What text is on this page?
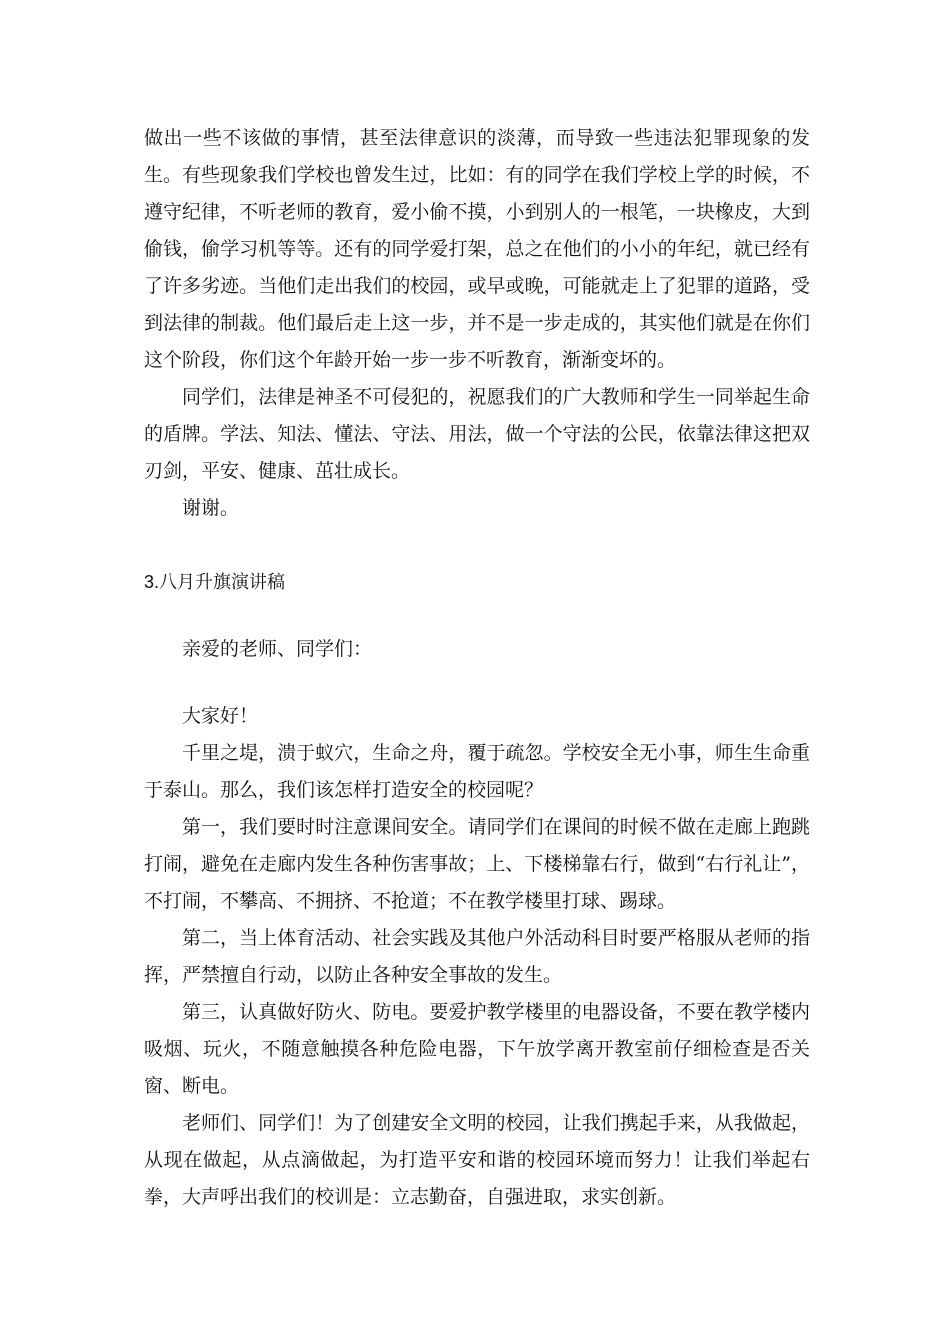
做出一些不该做的事情，甚至法律意识的淡薄，而导致一些违法犯罪现象的发生。有些现象我们学校也曾发生过，比如：有的同学在我们学校上学的时候，不遵守纪律，不听老师的教育，爱小偷不摸，小到别人的一根笔，一块橡皮，大到偷钱，偷学习机等等。还有的同学爱打架，总之在他们的小小的年纪，就已经有了许多劣迹。当他们走出我们的校园，或早或晚，可能就走上了犯罪的道路，受到法律的制裁。他们最后走上这一步，并不是一步走成的，其实他们就是在你们这个阶段，你们这个年龄开始一步一步不听教育，渐渐变坏的。

同学们，法律是神圣不可侵犯的，祝愿我们的广大教师和学生一同举起生命的盾牌。学法、知法、懂法、守法、用法，做一个守法的公民，依靠法律这把双刃剑，平安、健康、茁壮成长。

谢谢。

3.八月升旗演讲稿

亲爱的老师、同学们：

大家好！

千里之堤，溃于蚁穴，生命之舟，覆于疏忽。学校安全无小事，师生生命重于泰山。那么，我们该怎样打造安全的校园呢？

第一，我们要时时注意课间安全。请同学们在课间的时候不做在走廊上跑跳打闹，避免在走廊内发生各种伤害事故；上、下楼梯靠右行，做到“右行礼让”，不打闹，不攀高、不拥挤、不抢道；不在教学楼里打球、踢球。

第二，当上体育活动、社会实践及其他户外活动科目时要严格服从老师的指挥，严禁擅自行动，以防止各种安全事故的发生。

第三，认真做好防火、防电。要爱护教学楼里的电器设备，不要在教学楼内吸烟、玩火，不随意触摸各种危险电器，下午放学离开教室前仔细检查是否关窗、断电。

老师们、同学们！为了创建安全文明的校园，让我们携起手来，从我做起，从现在做起，从点滴做起，为打造平安和谐的校园环境而努力！让我们举起右拳，大声呼出我们的校训是：立志勤奋，自强进取，求实创新。
